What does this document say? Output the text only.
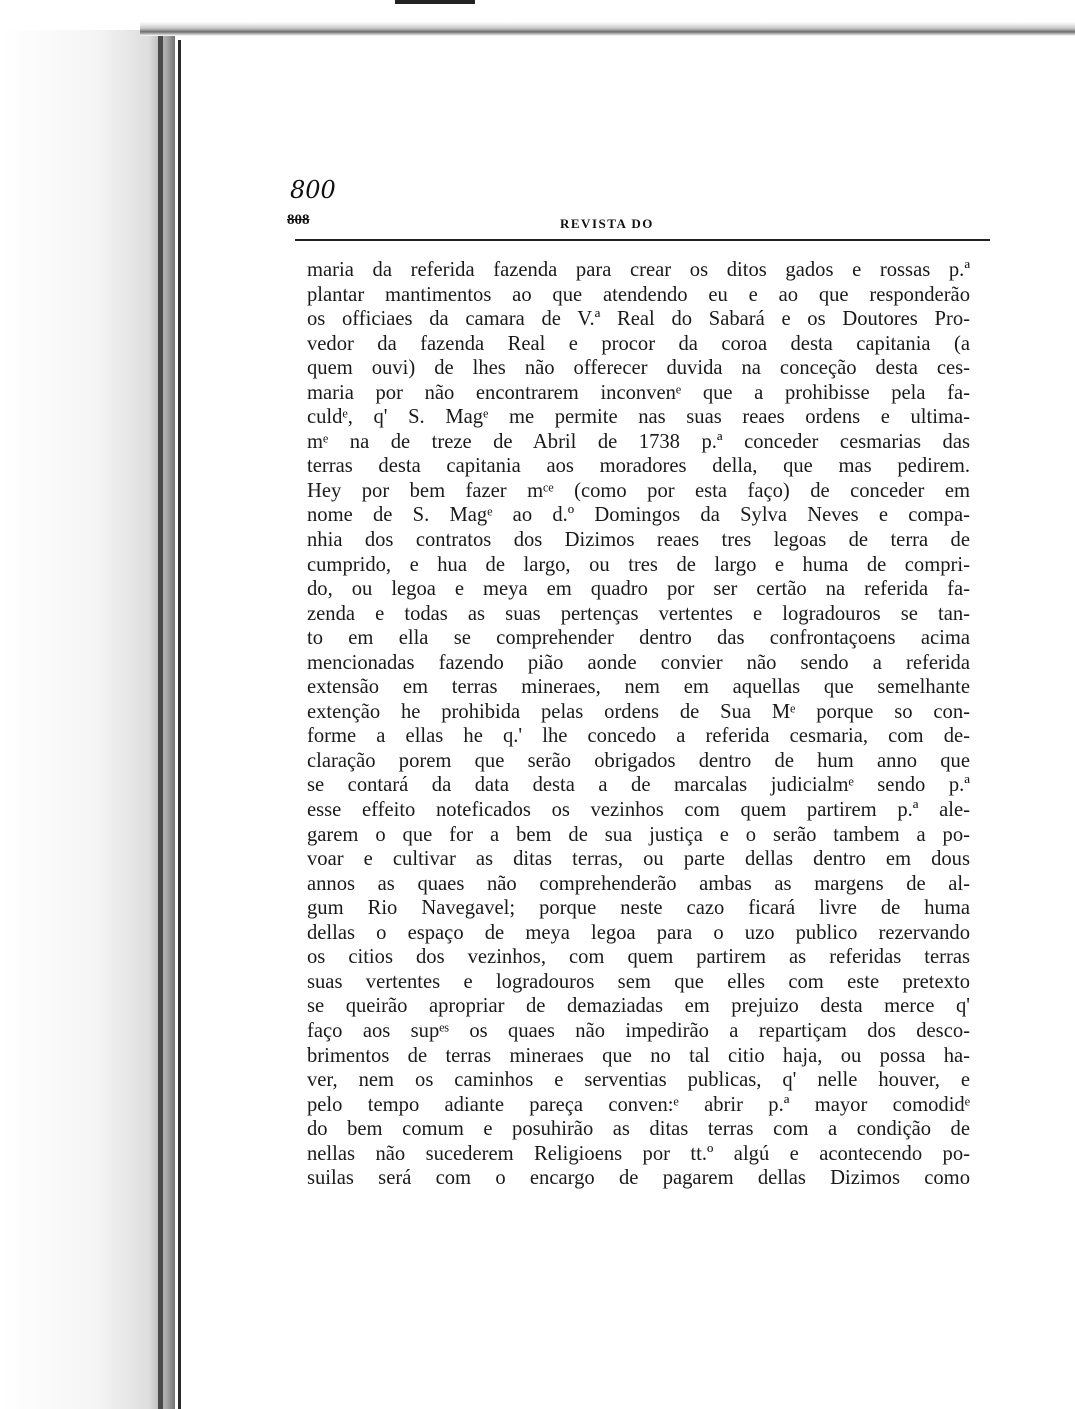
800
808	REVISTA DO
maria da referida fazenda para crear os ditos gados e rossas p.ª
plantar mantimentos ao que atendendo eu e ao que responderão
os officiaes da camara de V.ª Real do Sabará e os Doutores Pro-
vedor da fazenda Real e procor da coroa desta capitania (a
quem ouvi) de lhes não offerecer duvida na conceção desta ces-
maria por não encontrarem inconvenᵉ que a prohibisse pela fa-
culdᵉ, q' S. Magᵉ me permite nas suas reaes ordens e ultima-
mᵉ na de treze de Abril de 1738 p.ª conceder cesmarias das
terras desta capitania aos moradores della, que mas pedirem.
Hey por bem fazer mᶜᵉ (como por esta faço) de conceder em
nome de S. Magᵉ ao d.º Domingos da Sylva Neves e compa-
nhia dos contratos dos Dizimos reaes tres legoas de terra de
cumprido, e hua de largo, ou tres de largo e huma de compri-
do, ou legoa e meya em quadro por ser certão na referida fa-
zenda e todas as suas pertenças vertentes e logradouros se tan-
to em ella se comprehender dentro das confrontaçoens acima
mencionadas fazendo pião aonde convier não sendo a referida
extensão em terras mineraes, nem em aquellas que semelhante
extenção he prohibida pelas ordens de Sua Mᵉ porque so con-
forme a ellas he q.' lhe concedo a referida cesmaria, com de-
claração porem que serão obrigados dentro de hum anno que
se contará da data desta a de marcalas judicialmᵉ sendo p.ª
esse effeito noteficados os vezinhos com quem partirem p.ª ale-
garem o que for a bem de sua justiça e o serão tambem a po-
voar e cultivar as ditas terras, ou parte dellas dentro em dous
annos as quaes não comprehenderão ambas as margens de al-
gum Rio Navegavel; porque neste cazo ficará livre de huma
dellas o espaço de meya legoa para o uzo publico rezervando
os citios dos vezinhos, com quem partirem as referidas terras
suas vertentes e logradouros sem que elles com este pretexto
se queirão apropriar de demaziadas em prejuizo desta merce q'
faço aos supᵉˢ os quaes não impedirão a repartiçam dos desco-
brimentos de terras mineraes que no tal citio haja, ou possa ha-
ver, nem os caminhos e serventias publicas, q' nelle houver, e
pelo tempo adiante pareça conven:ᵉ abrir p.ª mayor comodidᵉ
do bem comum e posuhirão as ditas terras com a condição de
nellas não sucederem Religioens por tt.º algú e acontecendo po-
suilas será com o encargo de pagarem dellas Dizimos como
